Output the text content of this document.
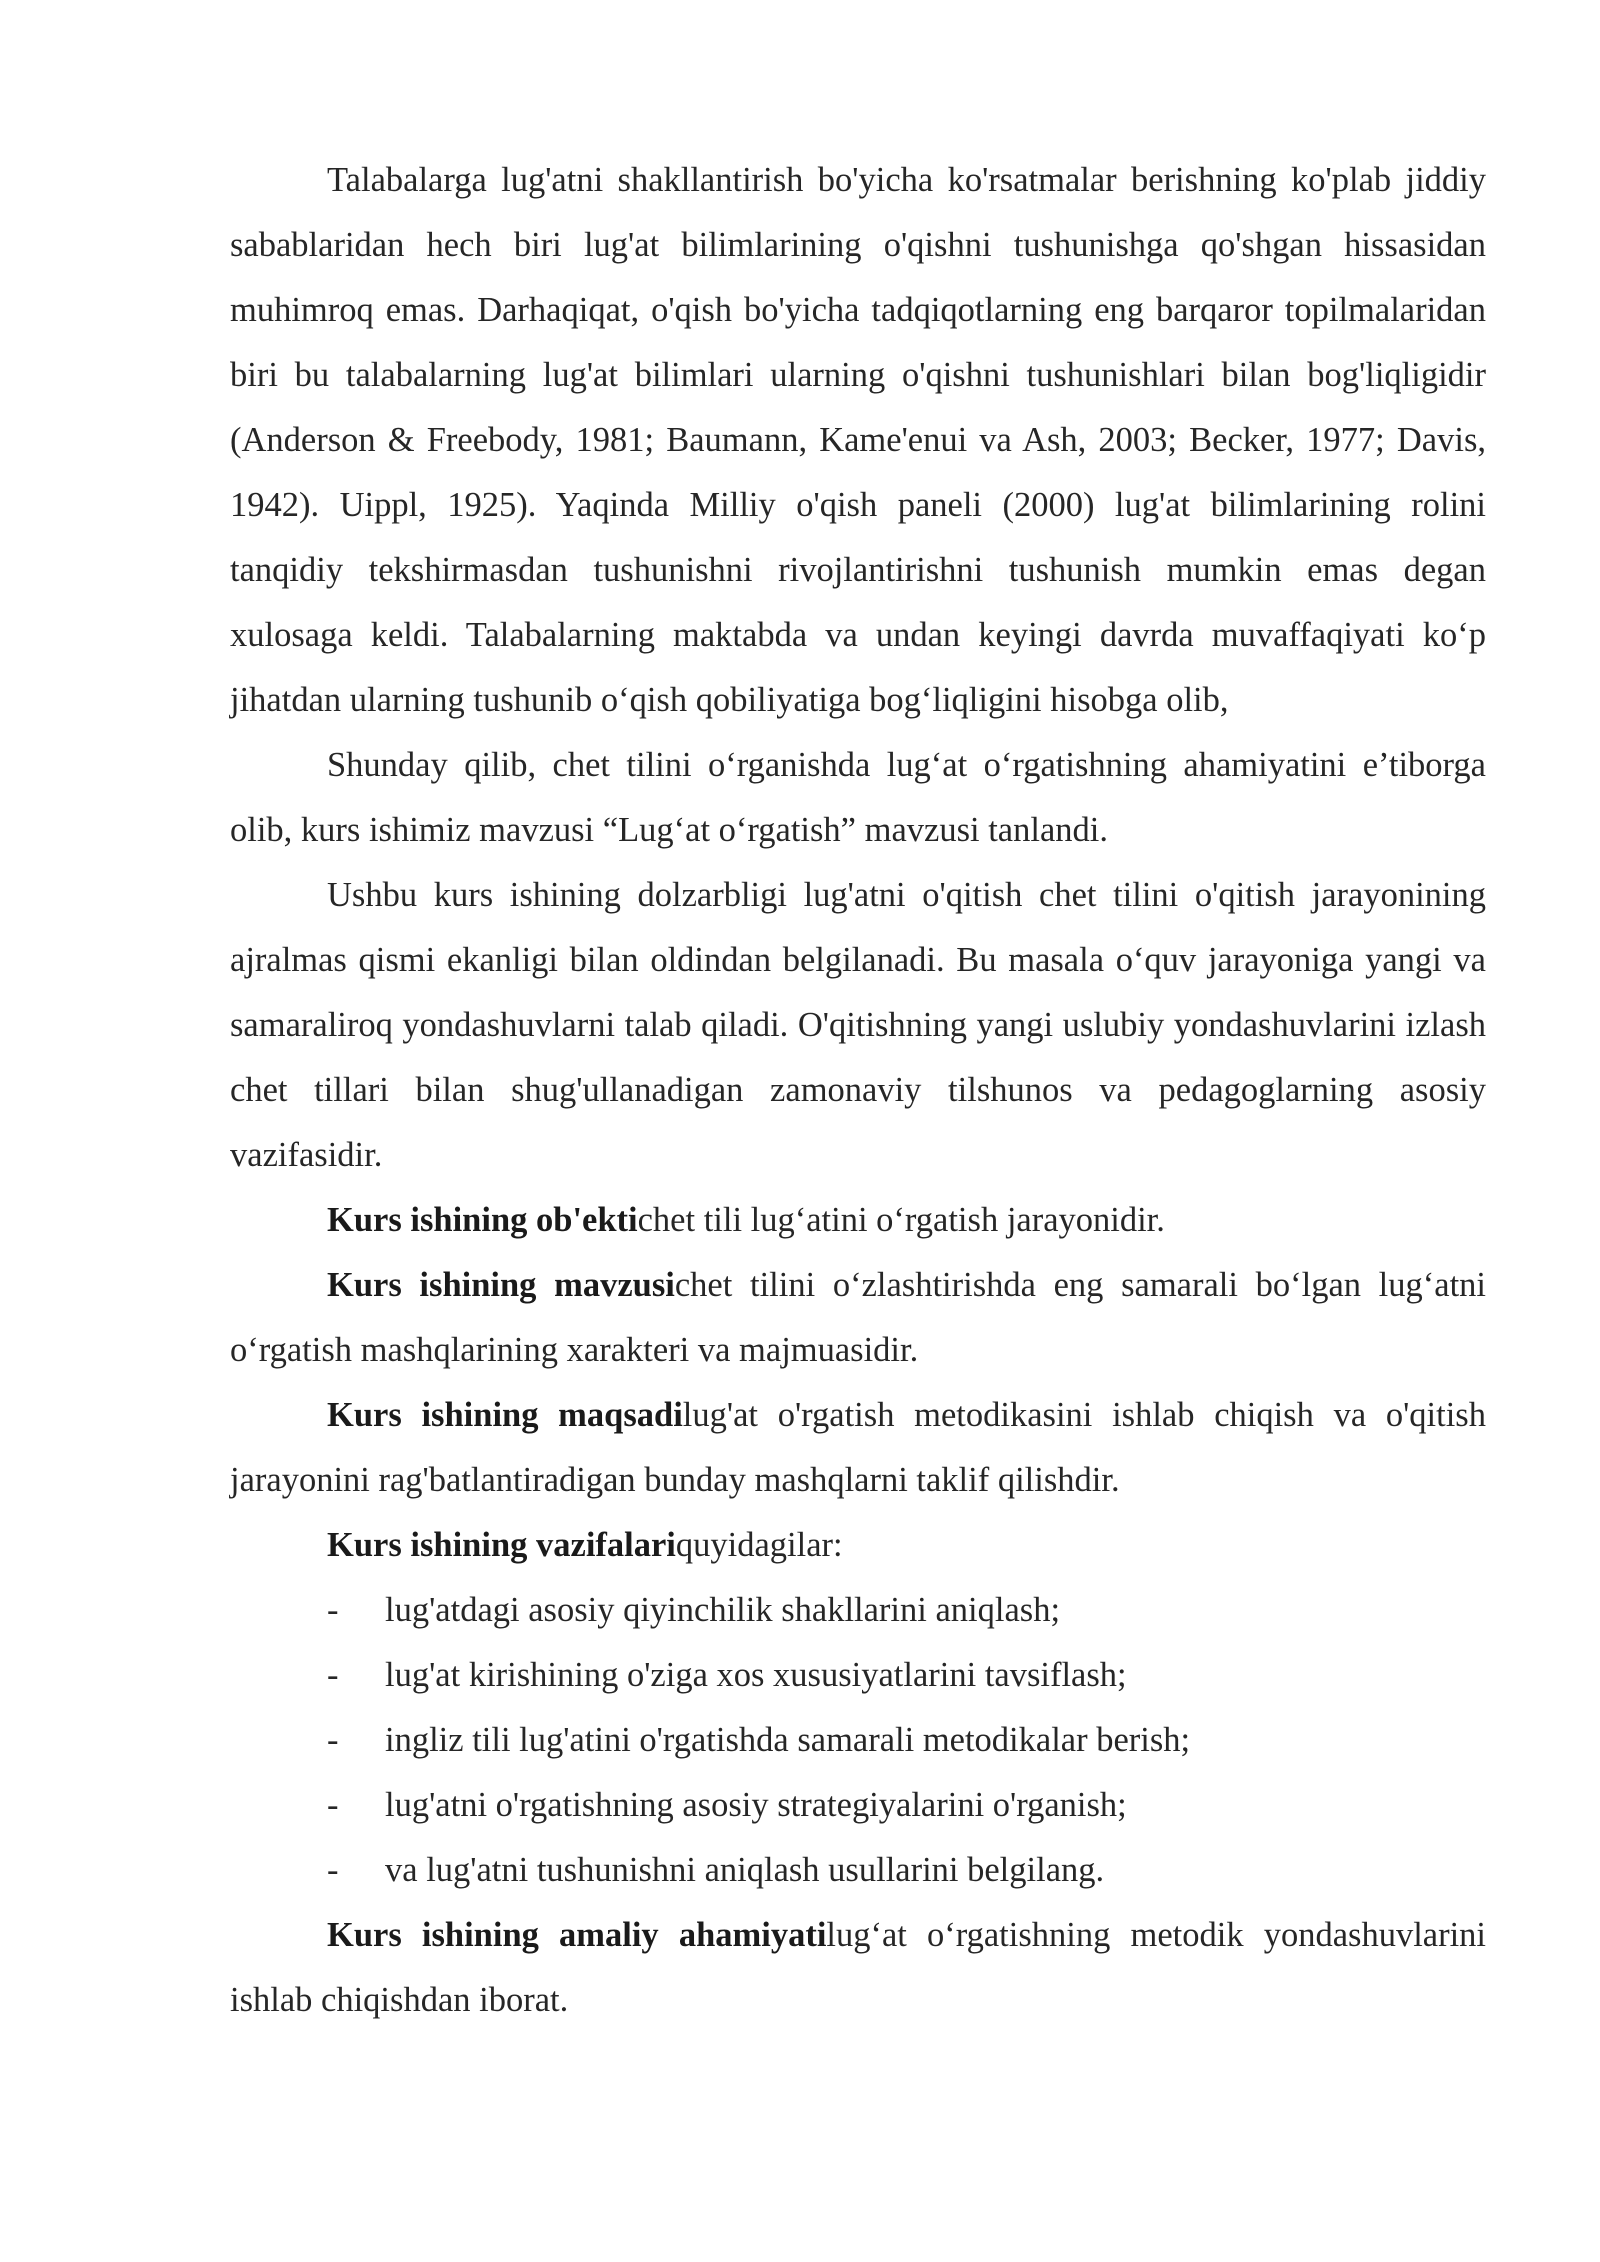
Talabalarga lug'atni shakllantirish bo'yicha ko'rsatmalar berishning ko'plab jiddiy sabablaridan hech biri lug'at bilimlarining o'qishni tushunishga qo'shgan hissasidan muhimroq emas. Darhaqiqat, o'qish bo'yicha tadqiqotlarning eng barqaror topilmalaridan biri bu talabalarning lug'at bilimlari ularning o'qishni tushunishlari bilan bog'liqligidir (Anderson & Freebody, 1981; Baumann, Kame'enui va Ash, 2003; Becker, 1977; Davis, 1942). Uippl, 1925). Yaqinda Milliy o'qish paneli (2000) lug'at bilimlarining rolini tanqidiy tekshirmasdan tushunishni rivojlantirishni tushunish mumkin emas degan xulosaga keldi. Talabalarning maktabda va undan keyingi davrda muvaffaqiyati ko‘p jihatdan ularning tushunib o‘qish qobiliyatiga bog‘liqligini hisobga olib,

Shunday qilib, chet tilini o‘rganishda lug‘at o‘rgatishning ahamiyatini e’tiborga olib, kurs ishimiz mavzusi “Lug‘at o‘rgatish” mavzusi tanlandi.

Ushbu kurs ishining dolzarbligi lug'atni o'qitish chet tilini o'qitish jarayonining ajralmas qismi ekanligi bilan oldindan belgilanadi. Bu masala o‘quv jarayoniga yangi va samaraliroq yondashuvlarni talab qiladi. O'qitishning yangi uslubiy yondashuvlarini izlash chet tillari bilan shug'ullanadigan zamonaviy tilshunos va pedagoglarning asosiy vazifasidir.

Kurs ishining ob'ektichet tili lug‘atini o‘rgatish jarayonidir.

Kurs ishining mavzusichet tilini o‘zlashtirishda eng samarali bo‘lgan lug‘atni o‘rgatish mashqlarining xarakteri va majmuasidir.

Kurs ishining maqsadilug'at o'rgatish metodikasini ishlab chiqish va o'qitish jarayonini rag'batlantiradigan bunday mashqlarni taklif qilishdir.

Kurs ishining vazifalariquyidagilar:

- lug'atdagi asosiy qiyinchilik shakllarini aniqlash;
- lug'at kirishining o'ziga xos xususiyatlarini tavsiflash;
- ingliz tili lug'atini o'rgatishda samarali metodikalar berish;
- lug'atni o'rgatishning asosiy strategiyalarini o'rganish;
- va lug'atni tushunishni aniqlash usullarini belgilang.

Kurs ishining amaliy ahamiyatilug‘at o‘rgatishning metodik yondashuvlarini ishlab chiqishdan iborat.
